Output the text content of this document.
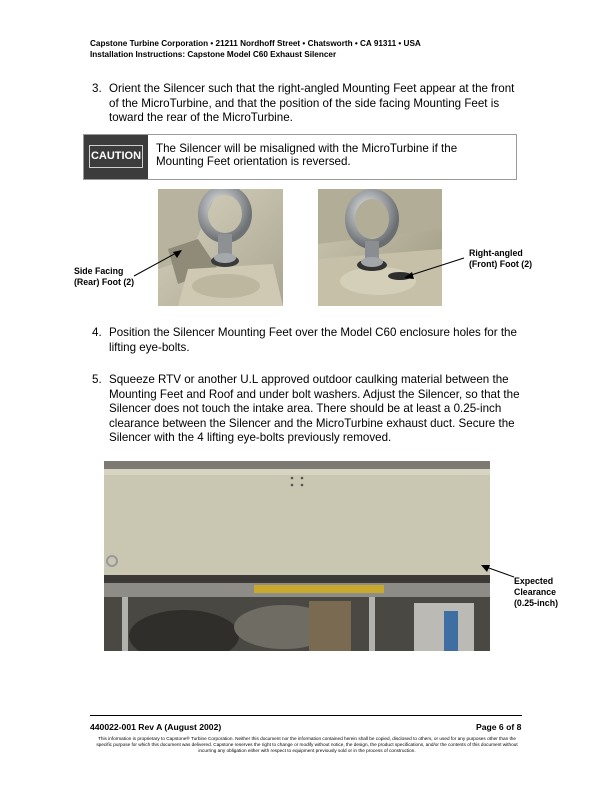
Capstone Turbine Corporation • 21211 Nordhoff Street • Chatsworth • CA 91311 • USA
Installation Instructions: Capstone Model C60 Exhaust Silencer
3. Orient the Silencer such that the right-angled Mounting Feet appear at the front of the MicroTurbine, and that the position of the side facing Mounting Feet is toward the rear of the MicroTurbine.
CAUTION
The Silencer will be misaligned with the MicroTurbine if the Mounting Feet orientation is reversed.
Side Facing
(Rear) Foot (2)
Right-angled
(Front) Foot (2)
4. Position the Silencer Mounting Feet over the Model C60 enclosure holes for the lifting eye-bolts.
5. Squeeze RTV or another U.L approved outdoor caulking material between the Mounting Feet and Roof and under bolt washers. Adjust the Silencer, so that the Silencer does not touch the intake area. There should be at least a 0.25-inch clearance between the Silencer and the MicroTurbine exhaust duct. Secure the Silencer with the 4 lifting eye-bolts previously removed.
Expected
Clearance
(0.25-inch)
440022-001 Rev A (August 2002)	Page 6 of 8
This information is proprietary to Capstone® Turbine Corporation. Neither this document nor the information contained herein shall be copied, disclosed to others, or used for any purposes other than the specific purpose for which this document was delivered. Capstone reserves the right to change or modify without notice, the design, the product specifications, and/or the contents of this document without incurring any obligation either with respect to equipment previously sold or in the process of construction.
